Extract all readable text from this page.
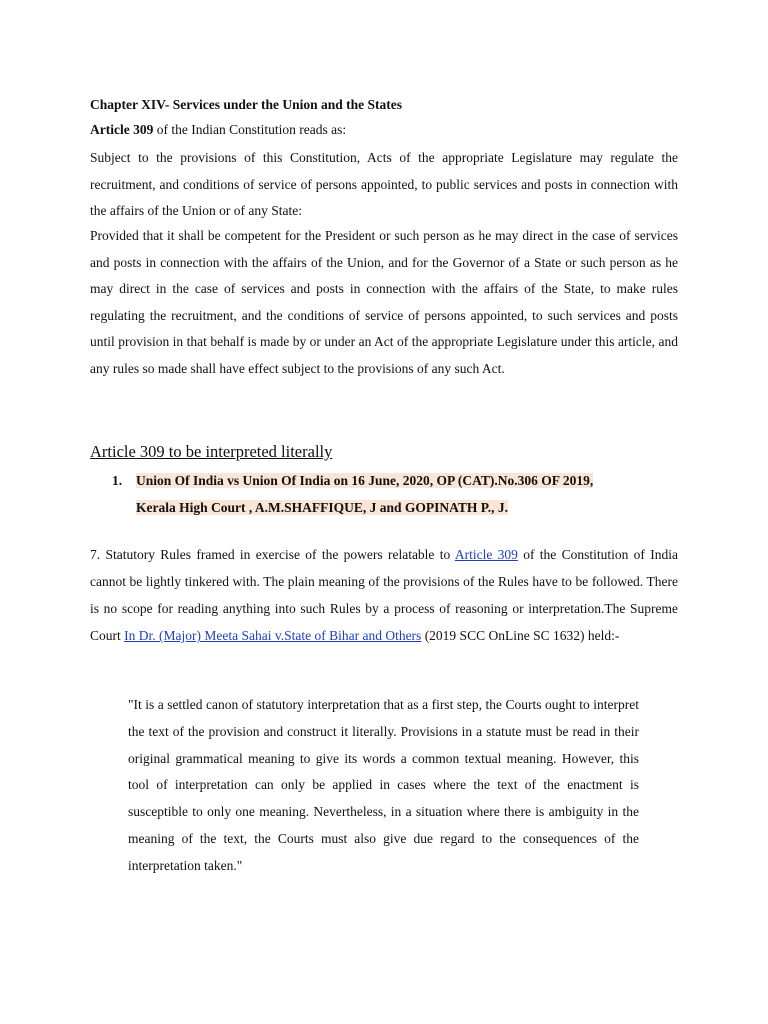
Chapter XIV- Services under the Union and the States
Article 309 of the Indian Constitution reads as:
Subject to the provisions of this Constitution, Acts of the appropriate Legislature may regulate the recruitment, and conditions of service of persons appointed, to public services and posts in connection with the affairs of the Union or of any State:
Provided that it shall be competent for the President or such person as he may direct in the case of services and posts in connection with the affairs of the Union, and for the Governor of a State or such person as he may direct in the case of services and posts in connection with the affairs of the State, to make rules regulating the recruitment, and the conditions of service of persons appointed, to such services and posts until provision in that behalf is made by or under an Act of the appropriate Legislature under this article, and any rules so made shall have effect subject to the provisions of any such Act.
Article 309 to be interpreted literally
1. Union Of India vs Union Of India on 16 June, 2020, OP (CAT).No.306 OF 2019,
Kerala High Court , A.M.SHAFFIQUE, J and GOPINATH P., J.
7. Statutory Rules framed in exercise of the powers relatable to Article 309 of the Constitution of India cannot be lightly tinkered with. The plain meaning of the provisions of the Rules have to be followed. There is no scope for reading anything into such Rules by a process of reasoning or interpretation.The Supreme Court In Dr. (Major) Meeta Sahai v.State of Bihar and Others (2019 SCC OnLine SC 1632) held:-
"It is a settled canon of statutory interpretation that as a first step, the Courts ought to interpret the text of the provision and construct it literally. Provisions in a statute must be read in their original grammatical meaning to give its words a common textual meaning. However, this tool of interpretation can only be applied in cases where the text of the enactment is susceptible to only one meaning. Nevertheless, in a situation where there is ambiguity in the meaning of the text, the Courts must also give due regard to the consequences of the interpretation taken."
